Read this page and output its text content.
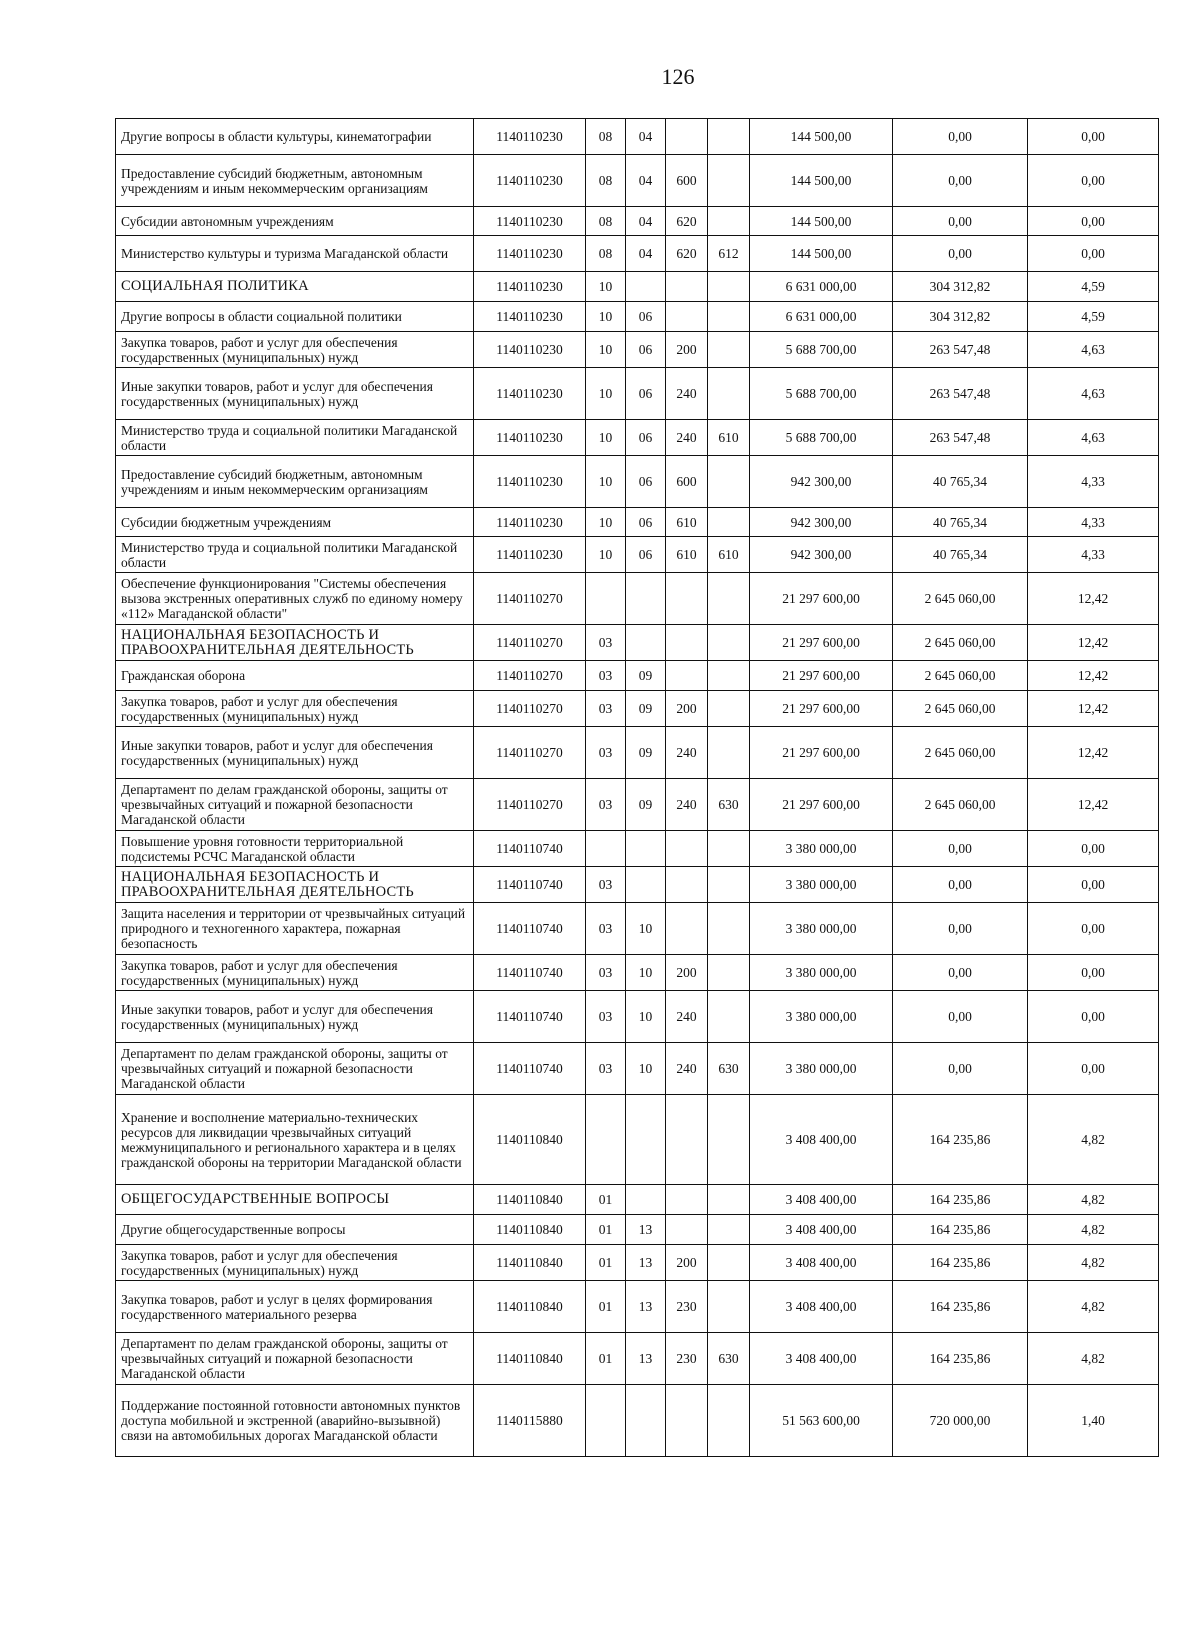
126
Другие вопросы в области культуры, кинематографии	1140110230	08	04			144 500,00	0,00	0,00
Предоставление субсидий бюджетным, автономным учреждениям и иным некоммерческим организациям	1140110230	08	04	600		144 500,00	0,00	0,00
Субсидии автономным учреждениям	1140110230	08	04	620		144 500,00	0,00	0,00
Министерство культуры и туризма Магаданской области	1140110230	08	04	620	612	144 500,00	0,00	0,00
СОЦИАЛЬНАЯ ПОЛИТИКА	1140110230	10				6 631 000,00	304 312,82	4,59
Другие вопросы в области социальной политики	1140110230	10	06			6 631 000,00	304 312,82	4,59
Закупка товаров, работ и услуг для обеспечения государственных (муниципальных) нужд	1140110230	10	06	200		5 688 700,00	263 547,48	4,63
Иные закупки товаров, работ и услуг для обеспечения государственных (муниципальных) нужд	1140110230	10	06	240		5 688 700,00	263 547,48	4,63
Министерство труда и социальной политики Магаданской области	1140110230	10	06	240	610	5 688 700,00	263 547,48	4,63
Предоставление субсидий бюджетным, автономным учреждениям и иным некоммерческим организациям	1140110230	10	06	600		942 300,00	40 765,34	4,33
Субсидии бюджетным учреждениям	1140110230	10	06	610		942 300,00	40 765,34	4,33
Министерство труда и социальной политики Магаданской области	1140110230	10	06	610	610	942 300,00	40 765,34	4,33
Обеспечение функционирования "Системы обеспечения вызова экстренных оперативных служб по единому номеру «112» Магаданской области"	1140110270					21 297 600,00	2 645 060,00	12,42
НАЦИОНАЛЬНАЯ БЕЗОПАСНОСТЬ И ПРАВООХРАНИТЕЛЬНАЯ ДЕЯТЕЛЬНОСТЬ	1140110270	03				21 297 600,00	2 645 060,00	12,42
Гражданская оборона	1140110270	03	09			21 297 600,00	2 645 060,00	12,42
Закупка товаров, работ и услуг для обеспечения государственных (муниципальных) нужд	1140110270	03	09	200		21 297 600,00	2 645 060,00	12,42
Иные закупки товаров, работ и услуг для обеспечения государственных (муниципальных) нужд	1140110270	03	09	240		21 297 600,00	2 645 060,00	12,42
Департамент по делам гражданской обороны, защиты от чрезвычайных ситуаций и пожарной безопасности Магаданской области	1140110270	03	09	240	630	21 297 600,00	2 645 060,00	12,42
Повышение уровня готовности территориальной подсистемы РСЧС Магаданской области	1140110740					3 380 000,00	0,00	0,00
НАЦИОНАЛЬНАЯ БЕЗОПАСНОСТЬ И ПРАВООХРАНИТЕЛЬНАЯ ДЕЯТЕЛЬНОСТЬ	1140110740	03				3 380 000,00	0,00	0,00
Защита населения и территории от чрезвычайных ситуаций природного и техногенного характера, пожарная безопасность	1140110740	03	10			3 380 000,00	0,00	0,00
Закупка товаров, работ и услуг для обеспечения государственных (муниципальных) нужд	1140110740	03	10	200		3 380 000,00	0,00	0,00
Иные закупки товаров, работ и услуг для обеспечения государственных (муниципальных) нужд	1140110740	03	10	240		3 380 000,00	0,00	0,00
Департамент по делам гражданской обороны, защиты от чрезвычайных ситуаций и пожарной безопасности Магаданской области	1140110740	03	10	240	630	3 380 000,00	0,00	0,00
Хранение и восполнение материально-технических ресурсов для ликвидации чрезвычайных ситуаций межмуниципального и регионального характера и в целях гражданской обороны на территории Магаданской области	1140110840					3 408 400,00	164 235,86	4,82
ОБЩЕГОСУДАРСТВЕННЫЕ ВОПРОСЫ	1140110840	01				3 408 400,00	164 235,86	4,82
Другие общегосударственные вопросы	1140110840	01	13			3 408 400,00	164 235,86	4,82
Закупка товаров, работ и услуг для обеспечения государственных (муниципальных) нужд	1140110840	01	13	200		3 408 400,00	164 235,86	4,82
Закупка товаров, работ и услуг в целях формирования государственного материального резерва	1140110840	01	13	230		3 408 400,00	164 235,86	4,82
Департамент по делам гражданской обороны, защиты от чрезвычайных ситуаций и пожарной безопасности Магаданской области	1140110840	01	13	230	630	3 408 400,00	164 235,86	4,82
Поддержание постоянной готовности автономных пунктов доступа мобильной и экстренной (аварийно-вызывной) связи на автомобильных дорогах Магаданской области	1140115880					51 563 600,00	720 000,00	1,40
